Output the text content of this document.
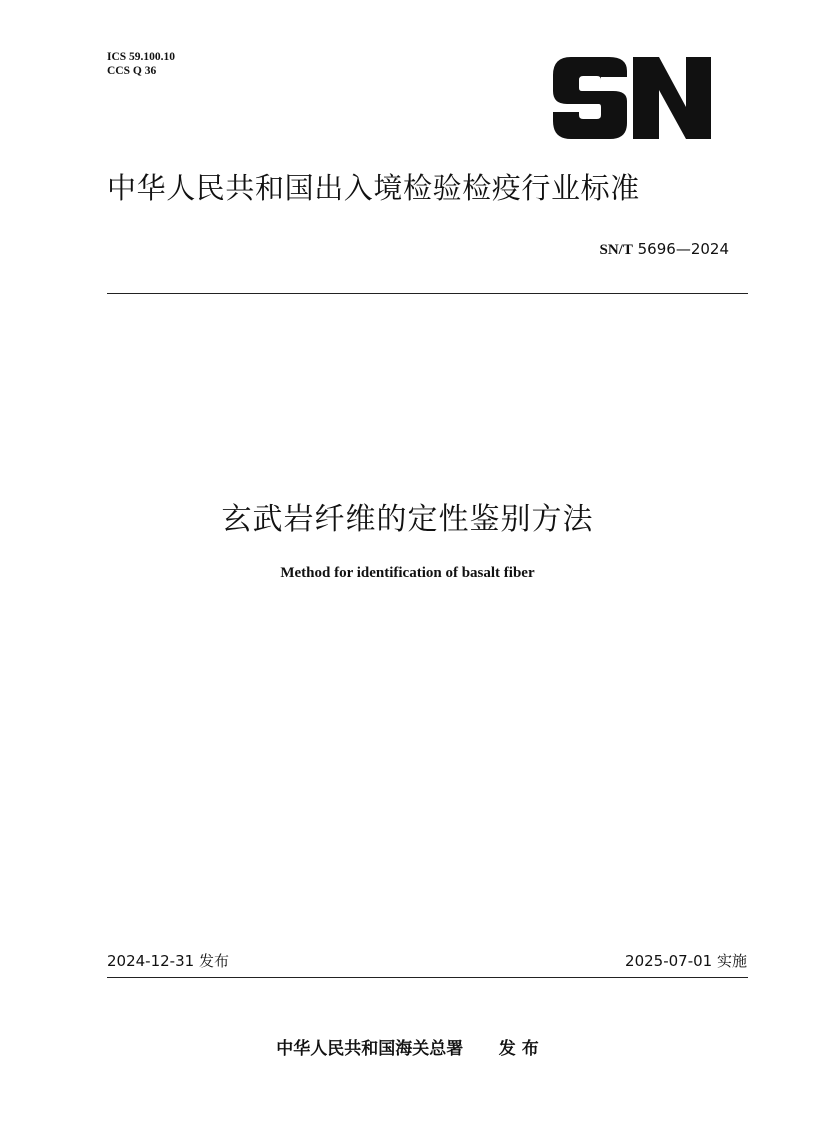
ICS 59.100.10
CCS Q 36
中华人民共和国出入境检验检疫行业标准
SN/T 5696—2024
玄武岩纤维的定性鉴别方法
Method for identification of basalt fiber
2024-12-31 发布	2025-07-01 实施
中华人民共和国海关总署 发 布
